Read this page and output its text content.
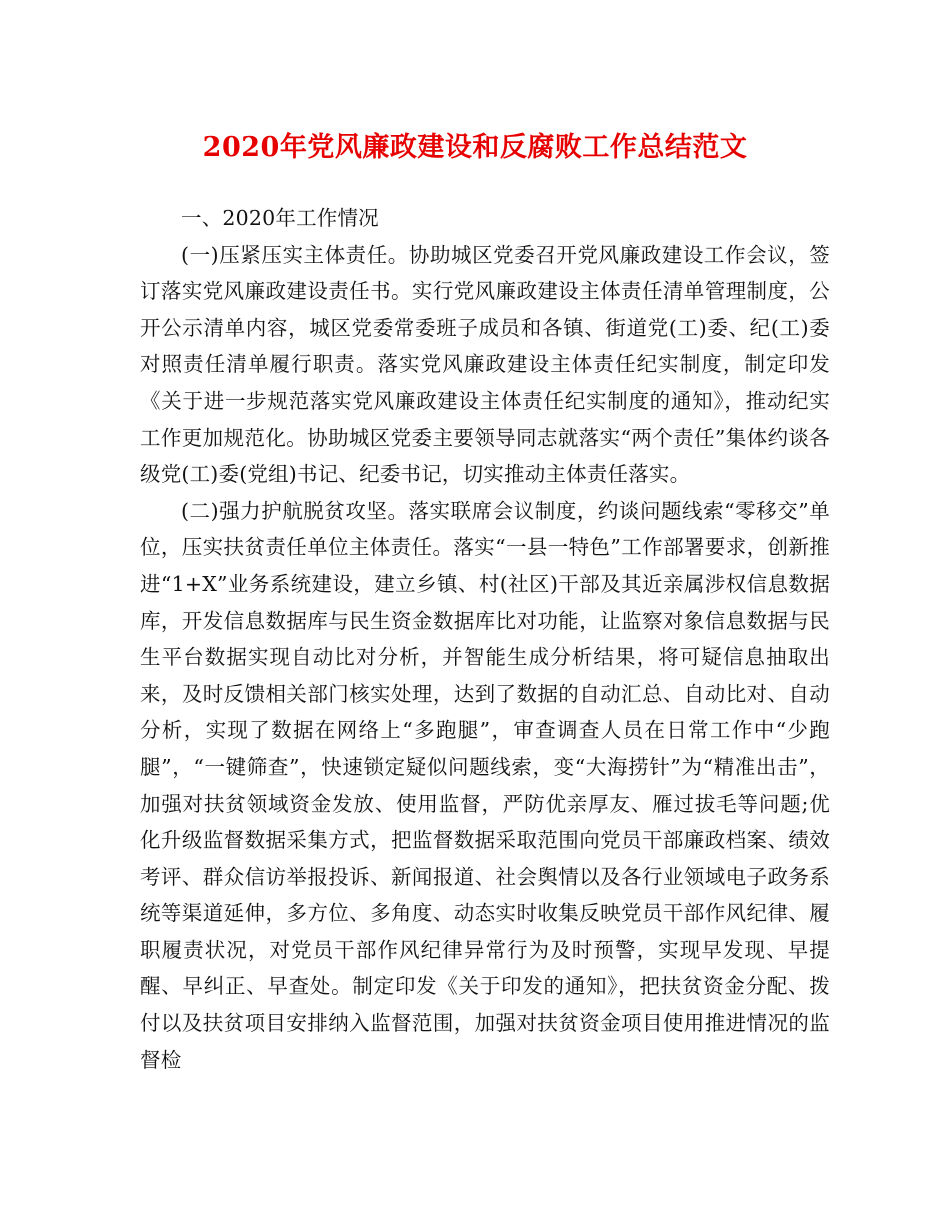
2020年党风廉政建设和反腐败工作总结范文

一、2020年工作情况

(一)压紧压实主体责任。协助城区党委召开党风廉政建设工作会议，签订落实党风廉政建设责任书。实行党风廉政建设主体责任清单管理制度，公开公示清单内容，城区党委常委班子成员和各镇、街道党(工)委、纪(工)委对照责任清单履行职责。落实党风廉政建设主体责任纪实制度，制定印发《关于进一步规范落实党风廉政建设主体责任纪实制度的通知》，推动纪实工作更加规范化。协助城区党委主要领导同志就落实“两个责任”集体约谈各级党(工)委(党组)书记、纪委书记，切实推动主体责任落实。

(二)强力护航脱贫攻坚。落实联席会议制度，约谈问题线索“零移交”单位，压实扶贫责任单位主体责任。落实“一县一特色”工作部署要求，创新推进“1+X”业务系统建设，建立乡镇、村(社区)干部及其近亲属涉权信息数据库，开发信息数据库与民生资金数据库比对功能，让监察对象信息数据与民生平台数据实现自动比对分析，并智能生成分析结果，将可疑信息抽取出来，及时反馈相关部门核实处理，达到了数据的自动汇总、自动比对、自动分析，实现了数据在网络上“多跑腿”，审查调查人员在日常工作中“少跑腿”，“一键筛查”，快速锁定疑似问题线索，变“大海捞针”为“精准出击”，加强对扶贫领域资金发放、使用监督，严防优亲厚友、雁过拔毛等问题;优化升级监督数据采集方式，把监督数据采取范围向党员干部廉政档案、绩效考评、群众信访举报投诉、新闻报道、社会舆情以及各行业领域电子政务系统等渠道延伸，多方位、多角度、动态实时收集反映党员干部作风纪律、履职履责状况，对党员干部作风纪律异常行为及时预警，实现早发现、早提醒、早纠正、早查处。制定印发《关于印发的通知》，把扶贫资金分配、拨付以及扶贫项目安排纳入监督范围，加强对扶贫资金项目使用推进情况的监督检
